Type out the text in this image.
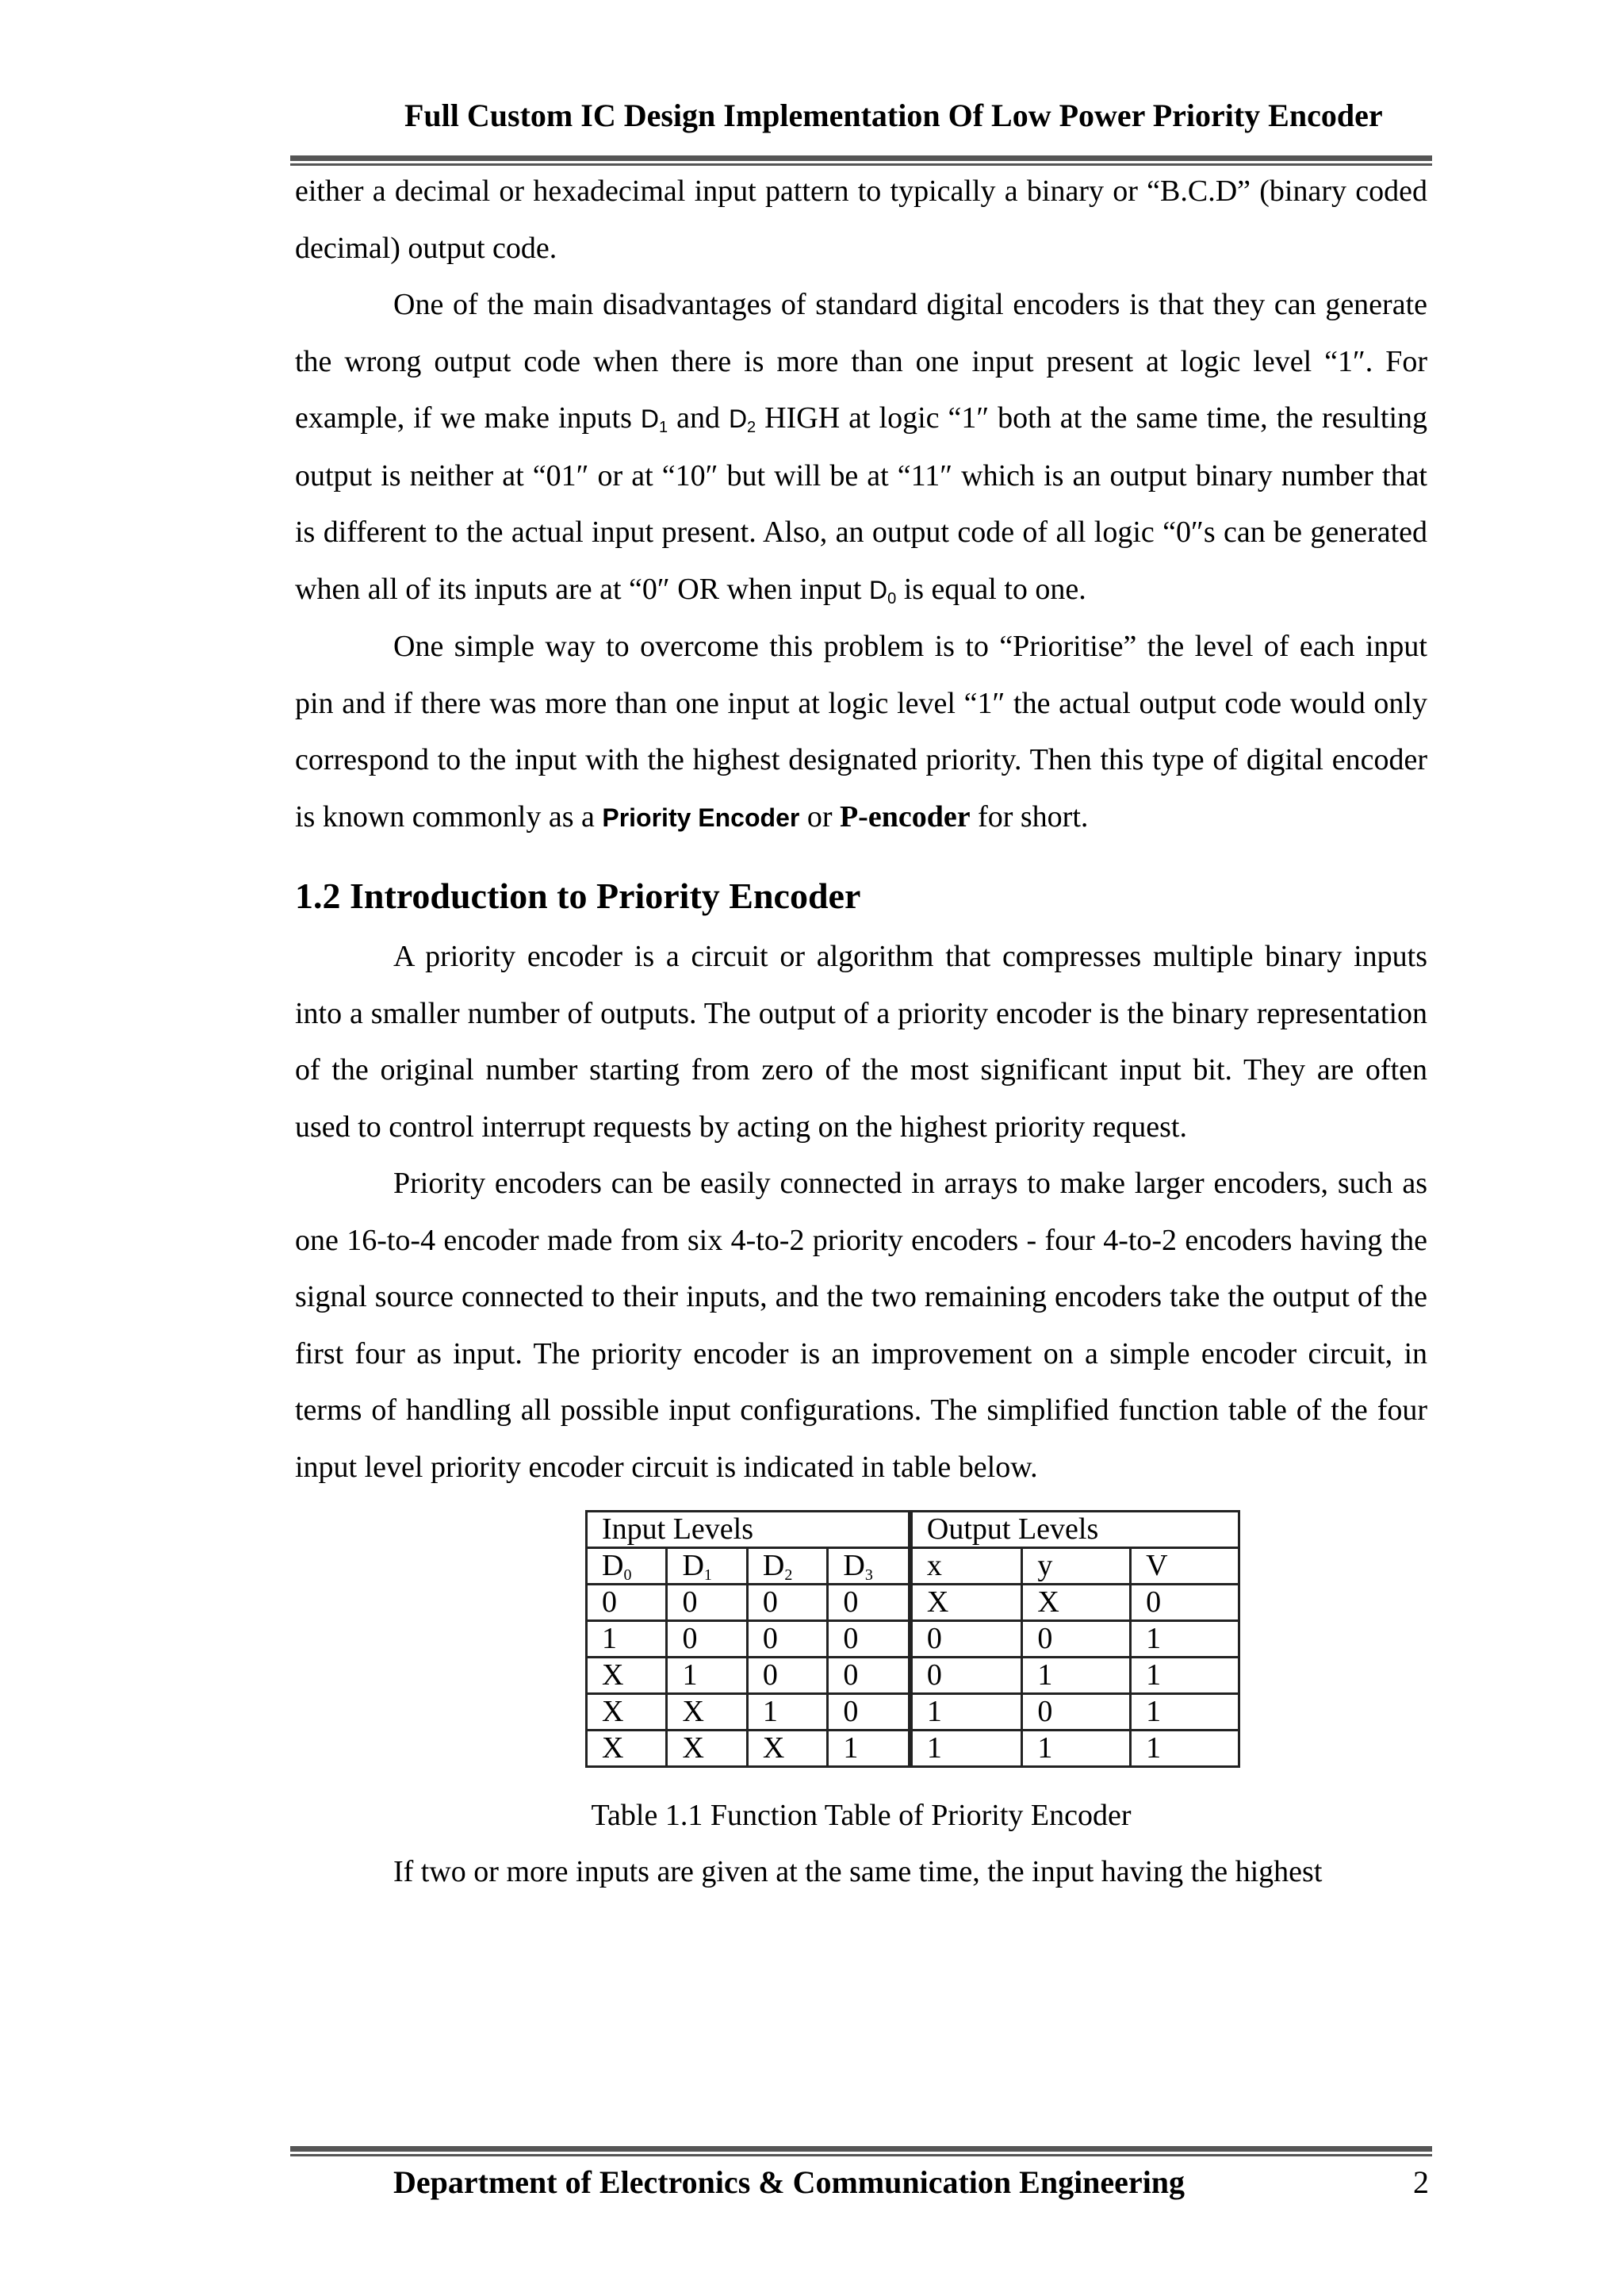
Full Custom IC Design Implementation Of Low Power Priority Encoder

either a decimal or hexadecimal input pattern to typically a binary or “B.C.D” (binary coded decimal) output code.

One of the main disadvantages of standard digital encoders is that they can generate the wrong output code when there is more than one input present at logic level “1″. For example, if we make inputs $D_1$ and $D_2$ HIGH at logic “1″ both at the same time, the resulting output is neither at “01″ or at “10″ but will be at “11″ which is an output binary number that is different to the actual input present. Also, an output code of all logic “0″s can be generated when all of its inputs are at “0″ OR when input $D_0$ is equal to one.

One simple way to overcome this problem is to “Prioritise” the level of each input pin and if there was more than one input at logic level “1″ the actual output code would only correspond to the input with the highest designated priority. Then this type of digital encoder is known commonly as a Priority Encoder or P-encoder for short.

1.2 Introduction to Priority Encoder

A priority encoder is a circuit or algorithm that compresses multiple binary inputs into a smaller number of outputs. The output of a priority encoder is the binary representation of the original number starting from zero of the most significant input bit. They are often used to control interrupt requests by acting on the highest priority request.

Priority encoders can be easily connected in arrays to make larger encoders, such as one 16-to-4 encoder made from six 4-to-2 priority encoders - four 4-to-2 encoders having the signal source connected to their inputs, and the two remaining encoders take the output of the first four as input. The priority encoder is an improvement on a simple encoder circuit, in terms of handling all possible input configurations. The simplified function table of the four input level priority encoder circuit is indicated in table below.

Input Levels				Output Levels		
$D_0$	$D_1$	$D_2$	$D_3$	x	y	V
0	0	0	0	X	X	0
1	0	0	0	0	0	1
X	1	0	0	0	1	1
X	X	1	0	1	0	1
X	X	X	1	1	1	1

Table 1.1 Function Table of Priority Encoder

If two or more inputs are given at the same time, the input having the highest

Department of Electronics & Communication Engineering	2
